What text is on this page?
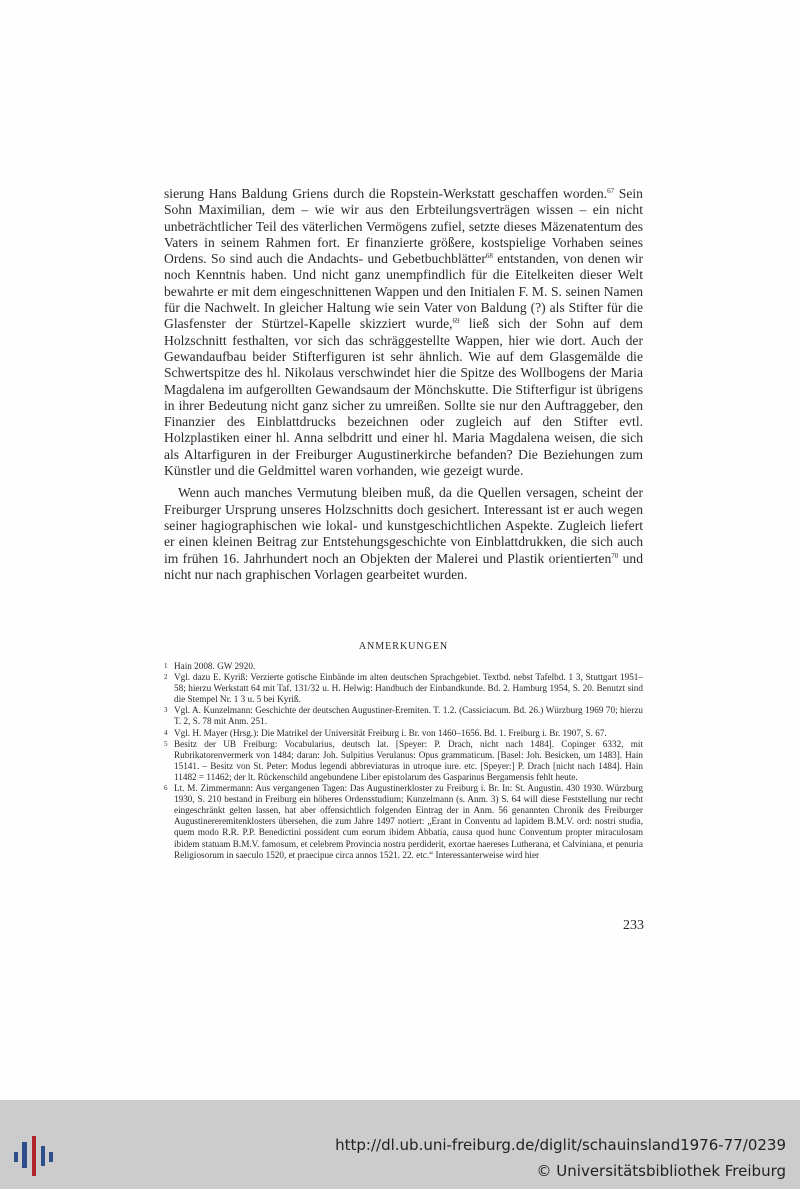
sierung Hans Baldung Griens durch die Ropstein-Werkstatt geschaffen worden.$^{67}$ Sein Sohn Maximilian, dem – wie wir aus den Erbteilungsverträgen wissen – ein nicht unbeträchtlicher Teil des väterlichen Vermögens zufiel, setzte dieses Mäzenatentum des Vaters in seinem Rahmen fort. Er finanzierte größere, kostspielige Vorhaben seines Ordens. So sind auch die Andachts- und Gebetbuchblätter$^{68}$ entstanden, von denen wir noch Kenntnis haben. Und nicht ganz unempfindlich für die Eitelkeiten dieser Welt bewahrte er mit dem eingeschnittenen Wappen und den Initialen F. M. S. seinen Namen für die Nachwelt. In gleicher Haltung wie sein Vater von Baldung (?) als Stifter für die Glasfenster der Stürtzel-Kapelle skizziert wurde,$^{69}$ ließ sich der Sohn auf dem Holzschnitt festhalten, vor sich das schräggestellte Wappen, hier wie dort. Auch der Gewandaufbau beider Stifterfiguren ist sehr ähnlich. Wie auf dem Glasgemälde die Schwertspitze des hl. Nikolaus verschwindet hier die Spitze des Wollbogens der Maria Magdalena im aufgerollten Gewandsaum der Mönchskutte. Die Stifterfigur ist übrigens in ihrer Bedeutung nicht ganz sicher zu umreißen. Sollte sie nur den Auftraggeber, den Finanzier des Einblattdrucks bezeichnen oder zugleich auf den Stifter evtl. Holzplastiken einer hl. Anna selbdritt und einer hl. Maria Magdalena weisen, die sich als Altarfiguren in der Freiburger Augustinerkirche befanden? Die Beziehungen zum Künstler und die Geldmittel waren vorhanden, wie gezeigt wurde.

Wenn auch manches Vermutung bleiben muß, da die Quellen versagen, scheint der Freiburger Ursprung unseres Holzschnitts doch gesichert. Interessant ist er auch wegen seiner hagiographischen wie lokal- und kunstgeschichtlichen Aspekte. Zugleich liefert er einen kleinen Beitrag zur Entstehungsgeschichte von Einblattdrukken, die sich auch im frühen 16. Jahrhundert noch an Objekten der Malerei und Plastik orientierten$^{70}$ und nicht nur nach graphischen Vorlagen gearbeitet wurden.

ANMERKUNGEN
1 Hain 2008. GW 2920.
2 Vgl. dazu E. Kyriß: Verzierte gotische Einbände im alten deutschen Sprachgebiet. Textbd. nebst Tafelbd. 1 3, Stuttgart 1951–58; hierzu Werkstatt 64 mit Taf. 131/32 u. H. Helwig: Handbuch der Einbandkunde. Bd. 2. Hamburg 1954, S. 20. Benutzt sind die Stempel Nr. 1 3 u. 5 bei Kyriß.
3 Vgl. A. Kunzelmann: Geschichte der deutschen Augustiner-Eremiten. T. 1.2. (Cassiciacum. Bd. 26.) Würzburg 1969 70; hierzu T. 2, S. 78 mit Anm. 251.
4 Vgl. H. Mayer (Hrsg.): Die Matrikel der Universität Freiburg i. Br. von 1460–1656. Bd. 1. Freiburg i. Br. 1907, S. 67.
5 Besitz der UB Freiburg: Vocabularius, deutsch lat. [Speyer: P. Drach, nicht nach 1484]. Copinger 6332, mit Rubrikatorenvermerk von 1484; daran: Joh. Sulpitius Verulanus: Opus grammaticum. [Basel: Joh. Besicken, um 1483]. Hain 15141. – Besitz von St. Peter: Modus legendi abbreviaturas in utroque iure. etc. [Speyer:] P. Drach [nicht nach 1484]. Hain 11482 = 11462; der lt. Rückenschild angebundene Liber epistolarum des Gasparinus Bergamensis fehlt heute.
6 Lt. M. Zimmermann: Aus vergangenen Tagen: Das Augustinerkloster zu Freiburg i. Br. In: St. Augustin. 430 1930. Würzburg 1930, S. 210 bestand in Freiburg ein höheres Ordensstudium; Kunzelmann (s. Anm. 3) S. 64 will diese Feststellung nur recht eingeschränkt gelten lassen, hat aber offensichtlich folgenden Eintrag der in Anm. 56 genannten Chronik des Freiburger Augustinereremitenklosters übersehen, die zum Jahre 1497 notiert: „Erant in Conventu ad lapidem B.M.V. ord: nostri studia, quem modo R.R. P.P. Benedictini possident cum eorum ibidem Abbatia, causa quod hunc Conventum propter miraculosam ibidem statuam B.M.V. famosum, et celebrem Provincia nostra perdiderit, exortae haereses Lutherana, et Calviniana, et penuria Religiosorum in saeculo 1520, et praecipue circa annos 1521. 22. etc.“ Interessanterweise wird hier
233
http://dl.ub.uni-freiburg.de/diglit/schauinsland1976-77/0239
© Universitätsbibliothek Freiburg
